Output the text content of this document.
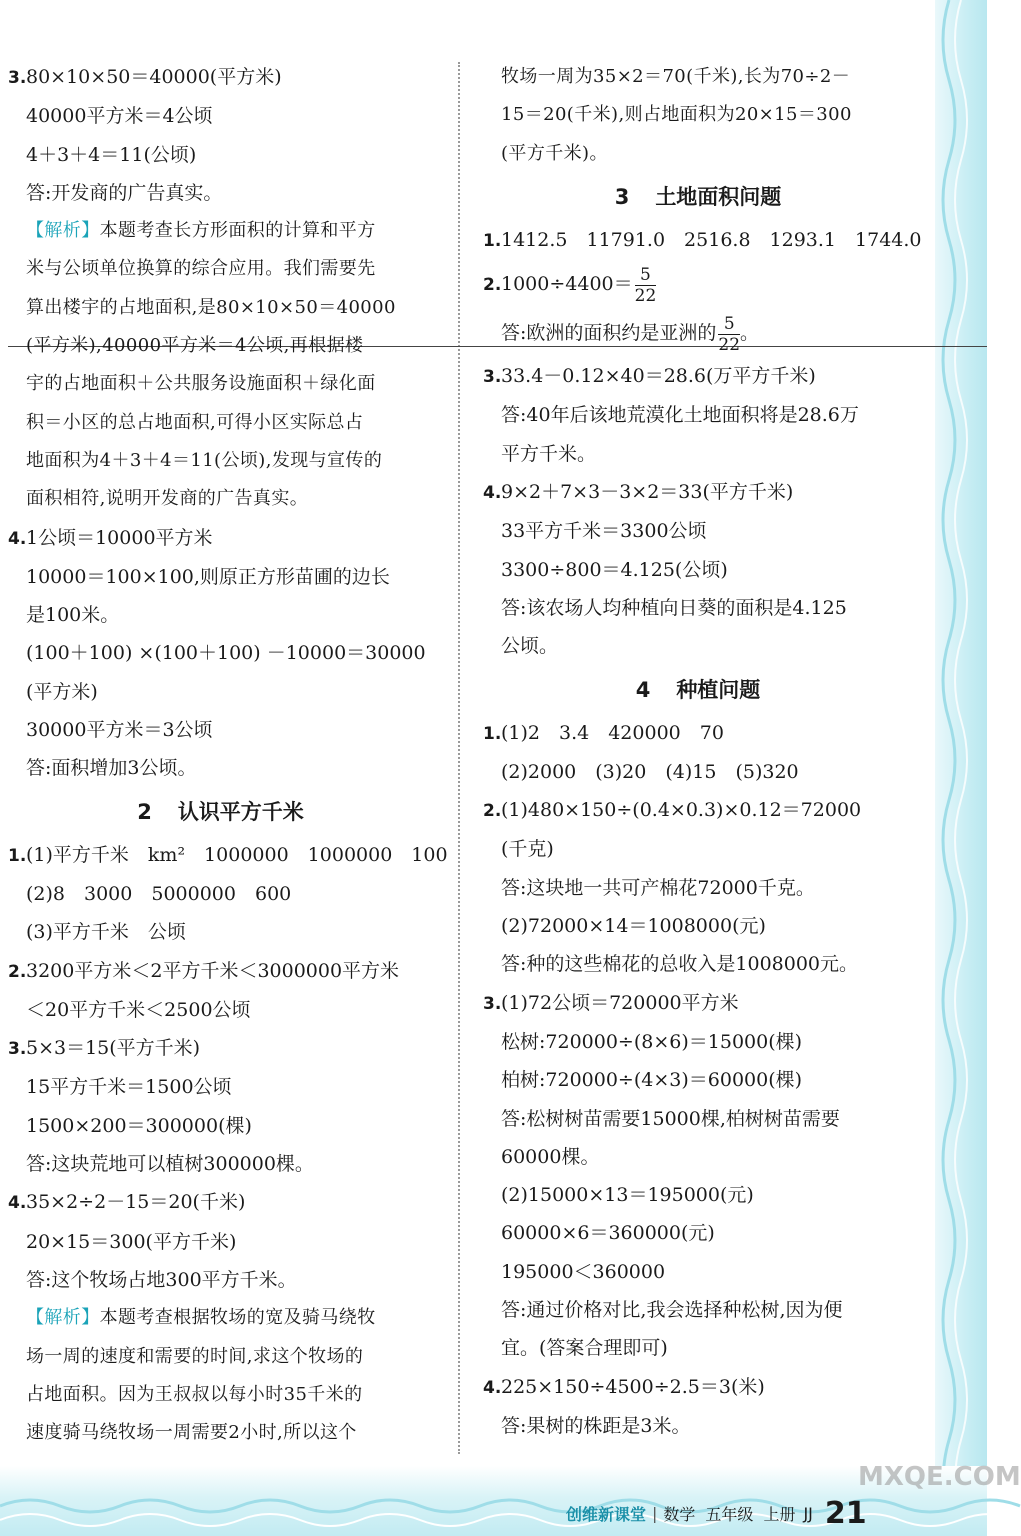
3.80×10×50＝40000(平方米)
40000平方米＝4公顷
4＋3＋4＝11(公顷)
答:开发商的广告真实。
【解析】本题考查长方形面积的计算和平方
米与公顷单位换算的综合应用。我们需要先
算出楼宇的占地面积,是80×10×50＝40000
(平方米),40000平方米＝4公顷,再根据楼
宇的占地面积＋公共服务设施面积＋绿化面
积＝小区的总占地面积,可得小区实际总占
地面积为4＋3＋4＝11(公顷),发现与宣传的
面积相符,说明开发商的广告真实。
4.1公顷＝10000平方米
10000＝100×100,则原正方形苗圃的边长
是100米。
(100＋100) ×(100＋100) －10000＝30000
(平方米)
30000平方米＝3公顷
答:面积增加3公顷。
2 认识平方千米
1.(1)平方千米　km²　1000000　1000000　100
(2)8　3000　5000000　600
(3)平方千米　公顷
2.3200平方米＜2平方千米＜3000000平方米
＜20平方千米＜2500公顷
3.5×3＝15(平方千米)
15平方千米＝1500公顷
1500×200＝300000(棵)
答:这块荒地可以植树300000棵。
4.35×2÷2－15＝20(千米)
20×15＝300(平方千米)
答:这个牧场占地300平方千米。
【解析】本题考查根据牧场的宽及骑马绕牧
场一周的速度和需要的时间,求这个牧场的
占地面积。因为王叔叔以每小时35千米的
速度骑马绕牧场一周需要2小时,所以这个
牧场一周为35×2＝70(千米),长为70÷2－
15＝20(千米),则占地面积为20×15＝300
(平方千米)。
3 土地面积问题
1.1412.5　11791.0　2516.8　1293.1　1744.0
$2.1000\div 4400= \frac{5}{22}$
答:欧洲的面积约是亚洲的 $\frac{5}{22}$ 。
3.33.4－0.12×40＝28.6(万平方千米)
答:40年后该地荒漠化土地面积将是28.6万
平方千米。
4.9×2＋7×3－3×2＝33(平方千米)
33平方千米＝3300公顷
3300÷800＝4.125(公顷)
答:该农场人均种植向日葵的面积是4.125
公顷。
4 种植问题
1.(1)2　3.4　420000　70
(2)2000　(3)20　(4)15　(5)320
2.(1)480×150÷(0.4×0.3)×0.12＝72000
(千克)
答:这块地一共可产棉花72000千克。
(2)72000×14＝1008000(元)
答:种的这些棉花的总收入是1008000元。
3.(1)72公顷＝720000平方米
松树:720000÷(8×6)＝15000(棵)
柏树:720000÷(4×3)＝60000(棵)
答:松树树苗需要15000棵,柏树树苗需要
60000棵。
(2)15000×13＝195000(元)
60000×6＝360000(元)
195000＜360000
答:通过价格对比,我会选择种松树,因为便
宜。(答案合理即可)
4.225×150÷4500÷2.5＝3(米)
答:果树的株距是3米。
MXQE.COM
创维新课堂 | 数学 五年级 上册 JJ 21
